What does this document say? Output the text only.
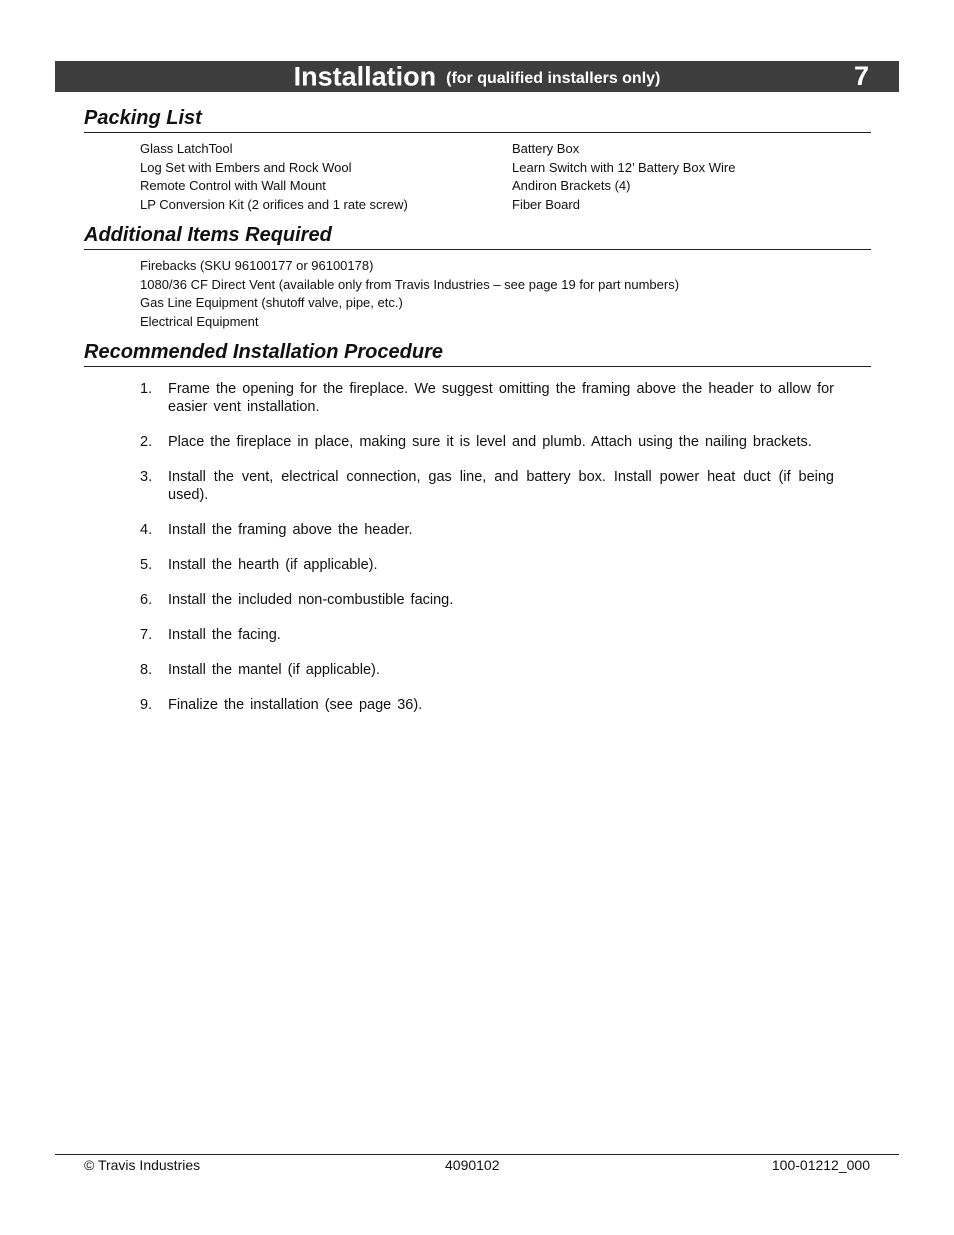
Installation (for qualified installers only)	7
Packing List
Glass LatchTool
Log Set with Embers and Rock Wool
Remote Control with Wall Mount
LP Conversion Kit (2 orifices and 1 rate screw)
Battery Box
Learn Switch with 12’ Battery Box Wire
Andiron Brackets (4)
Fiber Board
Additional Items Required
Firebacks (SKU 96100177 or 96100178)
1080/36 CF Direct Vent (available only from Travis Industries – see page 19 for part numbers)
Gas Line Equipment (shutoff valve, pipe, etc.)
Electrical Equipment
Recommended Installation Procedure
1.	Frame the opening for the fireplace. We suggest omitting the framing above the header to allow for easier vent installation.
2.	Place the fireplace in place, making sure it is level and plumb. Attach using the nailing brackets.
3.	Install the vent, electrical connection, gas line, and battery box. Install power heat duct (if being used).
4.	Install the framing above the header.
5.	Install the hearth (if applicable).
6.	Install the included non-combustible facing.
7.	Install the facing.
8.	Install the mantel (if applicable).
9.	Finalize the installation (see page 36).
© Travis Industries	4090102	100-01212_000
